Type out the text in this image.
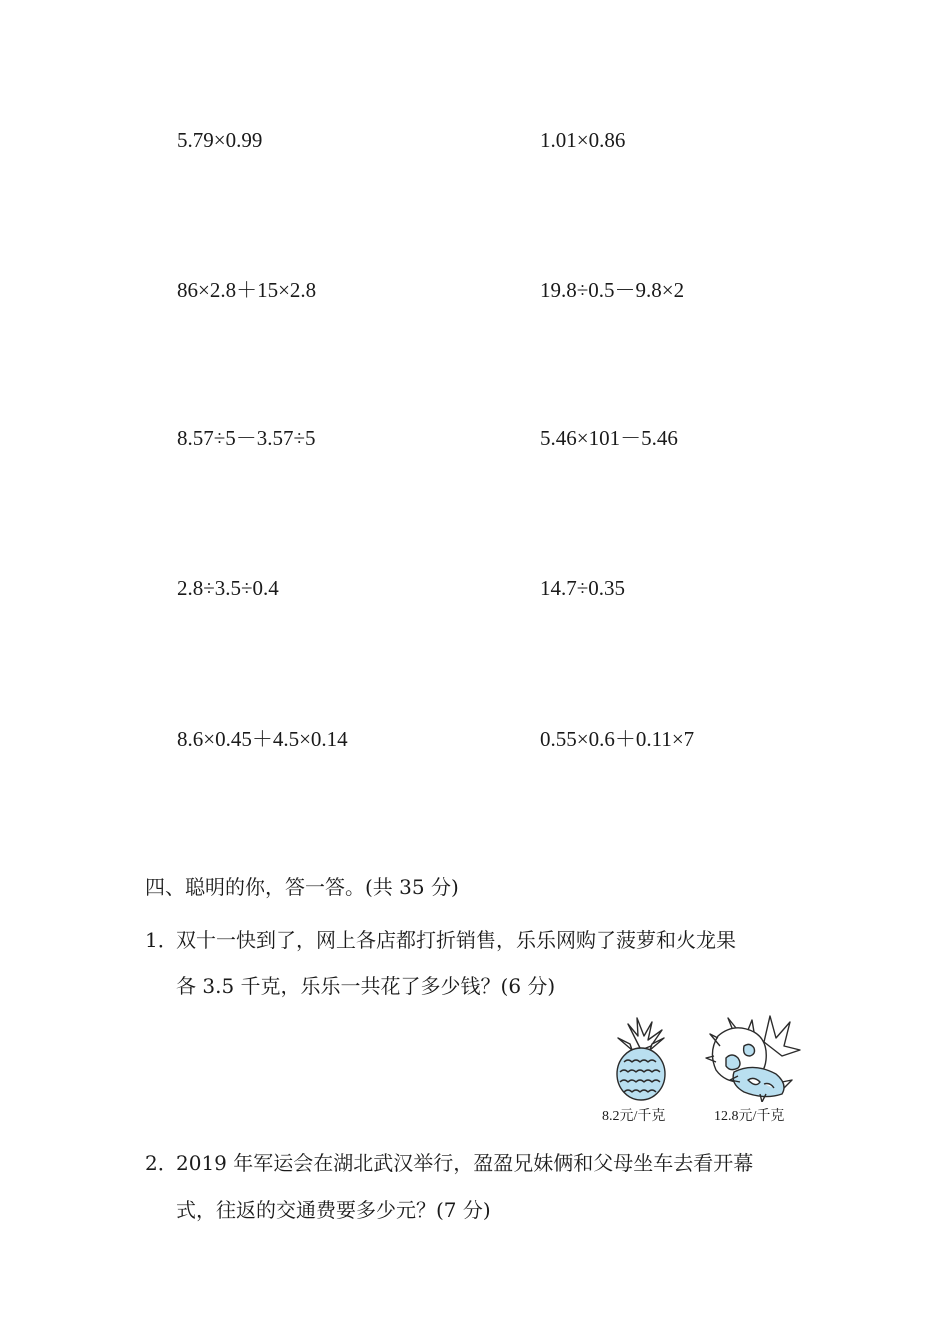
5.79×0.99	1.01×0.86
86×2.8＋15×2.8	19.8÷0.5－9.8×2
8.57÷5－3.57÷5	5.46×101－5.46
2.8÷3.5÷0.4	14.7÷0.35
8.6×0.45＋4.5×0.14	0.55×0.6＋0.11×7
四、聪明的你，答一答。(共 35 分)
1．
双十一快到了，网上各店都打折销售，乐乐网购了菠萝和火龙果
各 3.5 千克，乐乐一共花了多少钱？(6 分)
8.2元/千克	12.8元/千克
2．
2019 年军运会在湖北武汉举行，盈盈兄妹俩和父母坐车去看开幕
式，往返的交通费要多少元？(7 分)
